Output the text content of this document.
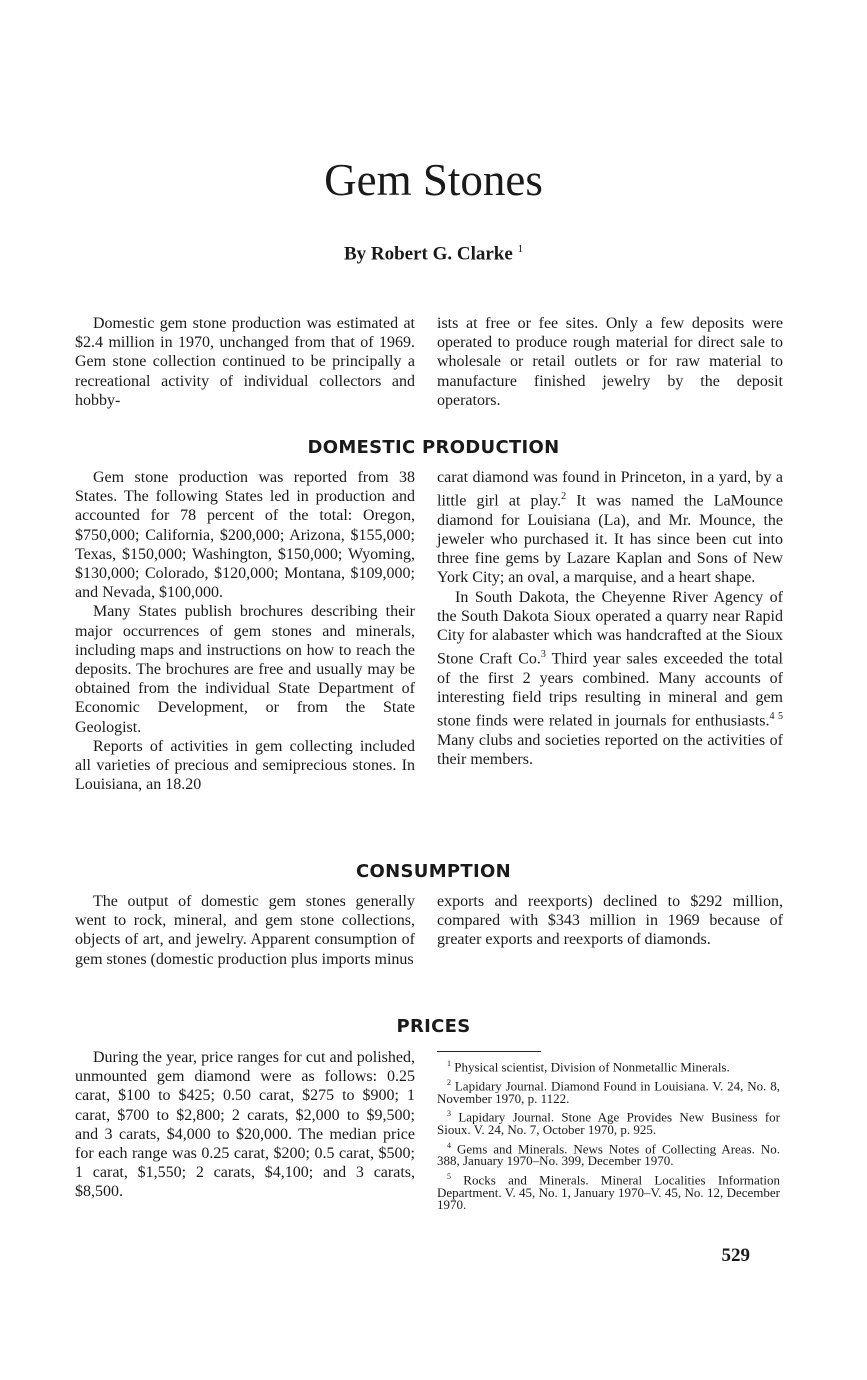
Gem Stones
By Robert G. Clarke $^1$

Domestic gem stone production was estimated at $2.4 million in 1970, unchanged from that of 1969. Gem stone collection continued to be principally a recreational activity of individual collectors and hobby-

ists at free or fee sites. Only a few deposits were operated to produce rough material for direct sale to wholesale or retail outlets or for raw material to manufacture finished jewelry by the deposit operators.

DOMESTIC PRODUCTION

Gem stone production was reported from 38 States. The following States led in production and accounted for 78 percent of the total: Oregon, $750,000; California, $200,000; Arizona, $155,000; Texas, $150,000; Washington, $150,000; Wyoming, $130,000; Colorado, $120,000; Montana, $109,000; and Nevada, $100,000.

Many States publish brochures describing their major occurrences of gem stones and minerals, including maps and instructions on how to reach the deposits. The brochures are free and usually may be obtained from the individual State Department of Economic Development, or from the State Geologist.

Reports of activities in gem collecting included all varieties of precious and semiprecious stones. In Louisiana, an 18.20

carat diamond was found in Princeton, in a yard, by a little girl at play.$^2$ It was named the LaMounce diamond for Louisiana (La), and Mr. Mounce, the jeweler who purchased it. It has since been cut into three fine gems by Lazare Kaplan and Sons of New York City; an oval, a marquise, and a heart shape.

In South Dakota, the Cheyenne River Agency of the South Dakota Sioux operated a quarry near Rapid City for alabaster which was handcrafted at the Sioux Stone Craft Co.$^3$ Third year sales exceeded the total of the first 2 years combined. Many accounts of interesting field trips resulting in mineral and gem stone finds were related in journals for enthusiasts.$^{4 5}$ Many clubs and societies reported on the activities of their members.

CONSUMPTION

The output of domestic gem stones generally went to rock, mineral, and gem stone collections, objects of art, and jewelry. Apparent consumption of gem stones (domestic production plus imports minus

exports and reexports) declined to $292 million, compared with $343 million in 1969 because of greater exports and reexports of diamonds.

PRICES

During the year, price ranges for cut and polished, unmounted gem diamond were as follows: 0.25 carat, $100 to $425; 0.50 carat, $275 to $900; 1 carat, $700 to $2,800; 2 carats, $2,000 to $9,500; and 3 carats, $4,000 to $20,000. The median price for each range was 0.25 carat, $200; 0.5 carat, $500; 1 carat, $1,550; 2 carats, $4,100; and 3 carats, $8,500.

$^1$ Physical scientist, Division of Nonmetallic Minerals.

$^2$ Lapidary Journal. Diamond Found in Louisiana. V. 24, No. 8, November 1970, p. 1122.

$^3$ Lapidary Journal. Stone Age Provides New Business for Sioux. V. 24, No. 7, October 1970, p. 925.

$^4$ Gems and Minerals. News Notes of Collecting Areas. No. 388, January 1970–No. 399, December 1970.

$^5$ Rocks and Minerals. Mineral Localities Information Department. V. 45, No. 1, January 1970–V. 45, No. 12, December 1970.

529
